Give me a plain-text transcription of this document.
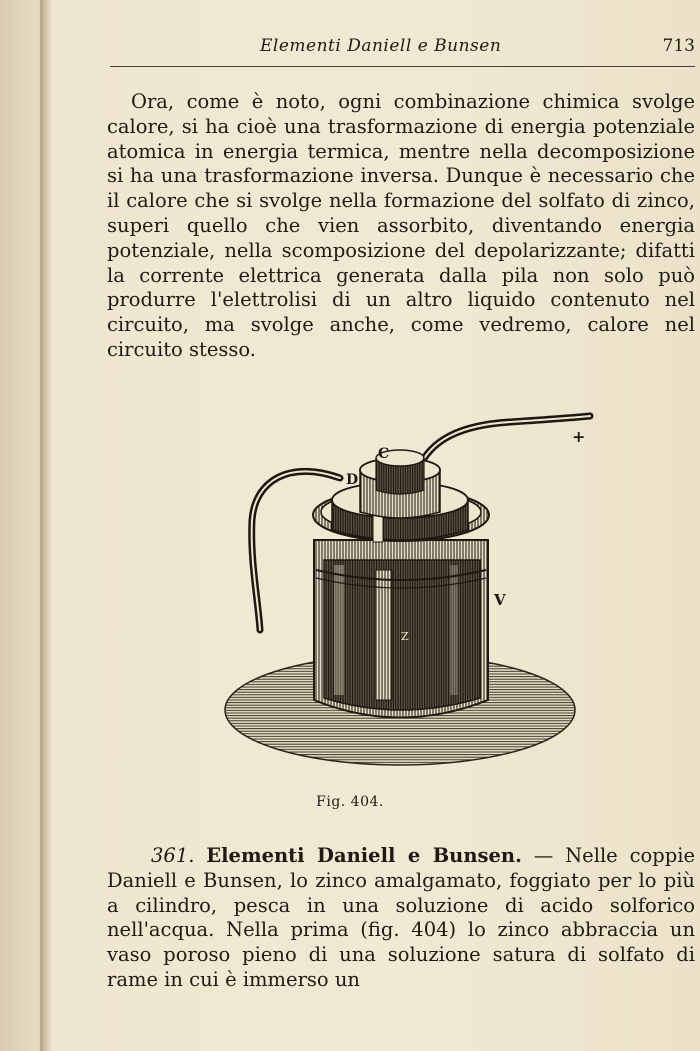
Elementi Daniell e Bunsen	713

Ora, come è noto, ogni combinazione chimica svolge calore, si ha cioè una trasformazione di energia potenziale atomica in energia termica, mentre nella decomposizione si ha una trasformazione inversa. Dunque è necessario che il calore che si svolge nella formazione del solfato di zinco, superi quello che vien assorbito, diventando energia potenziale, nella scomposizione del depolarizzante; difatti la corrente elettrica generata dalla pila non solo può produrre l'elettrolisi di un altro liquido contenuto nel circuito, ma svolge anche, come vedremo, calore nel circuito stesso.

C
D
V
Z
+
Fig. 404.

361. Elementi Daniell e Bunsen. — Nelle coppie Daniell e Bunsen, lo zinco amalgamato, foggiato per lo più a cilindro, pesca in una soluzione di acido solforico nell'acqua. Nella prima (fig. 404) lo zinco abbraccia un vaso poroso pieno di una soluzione satura di solfato di rame in cui è immerso un
